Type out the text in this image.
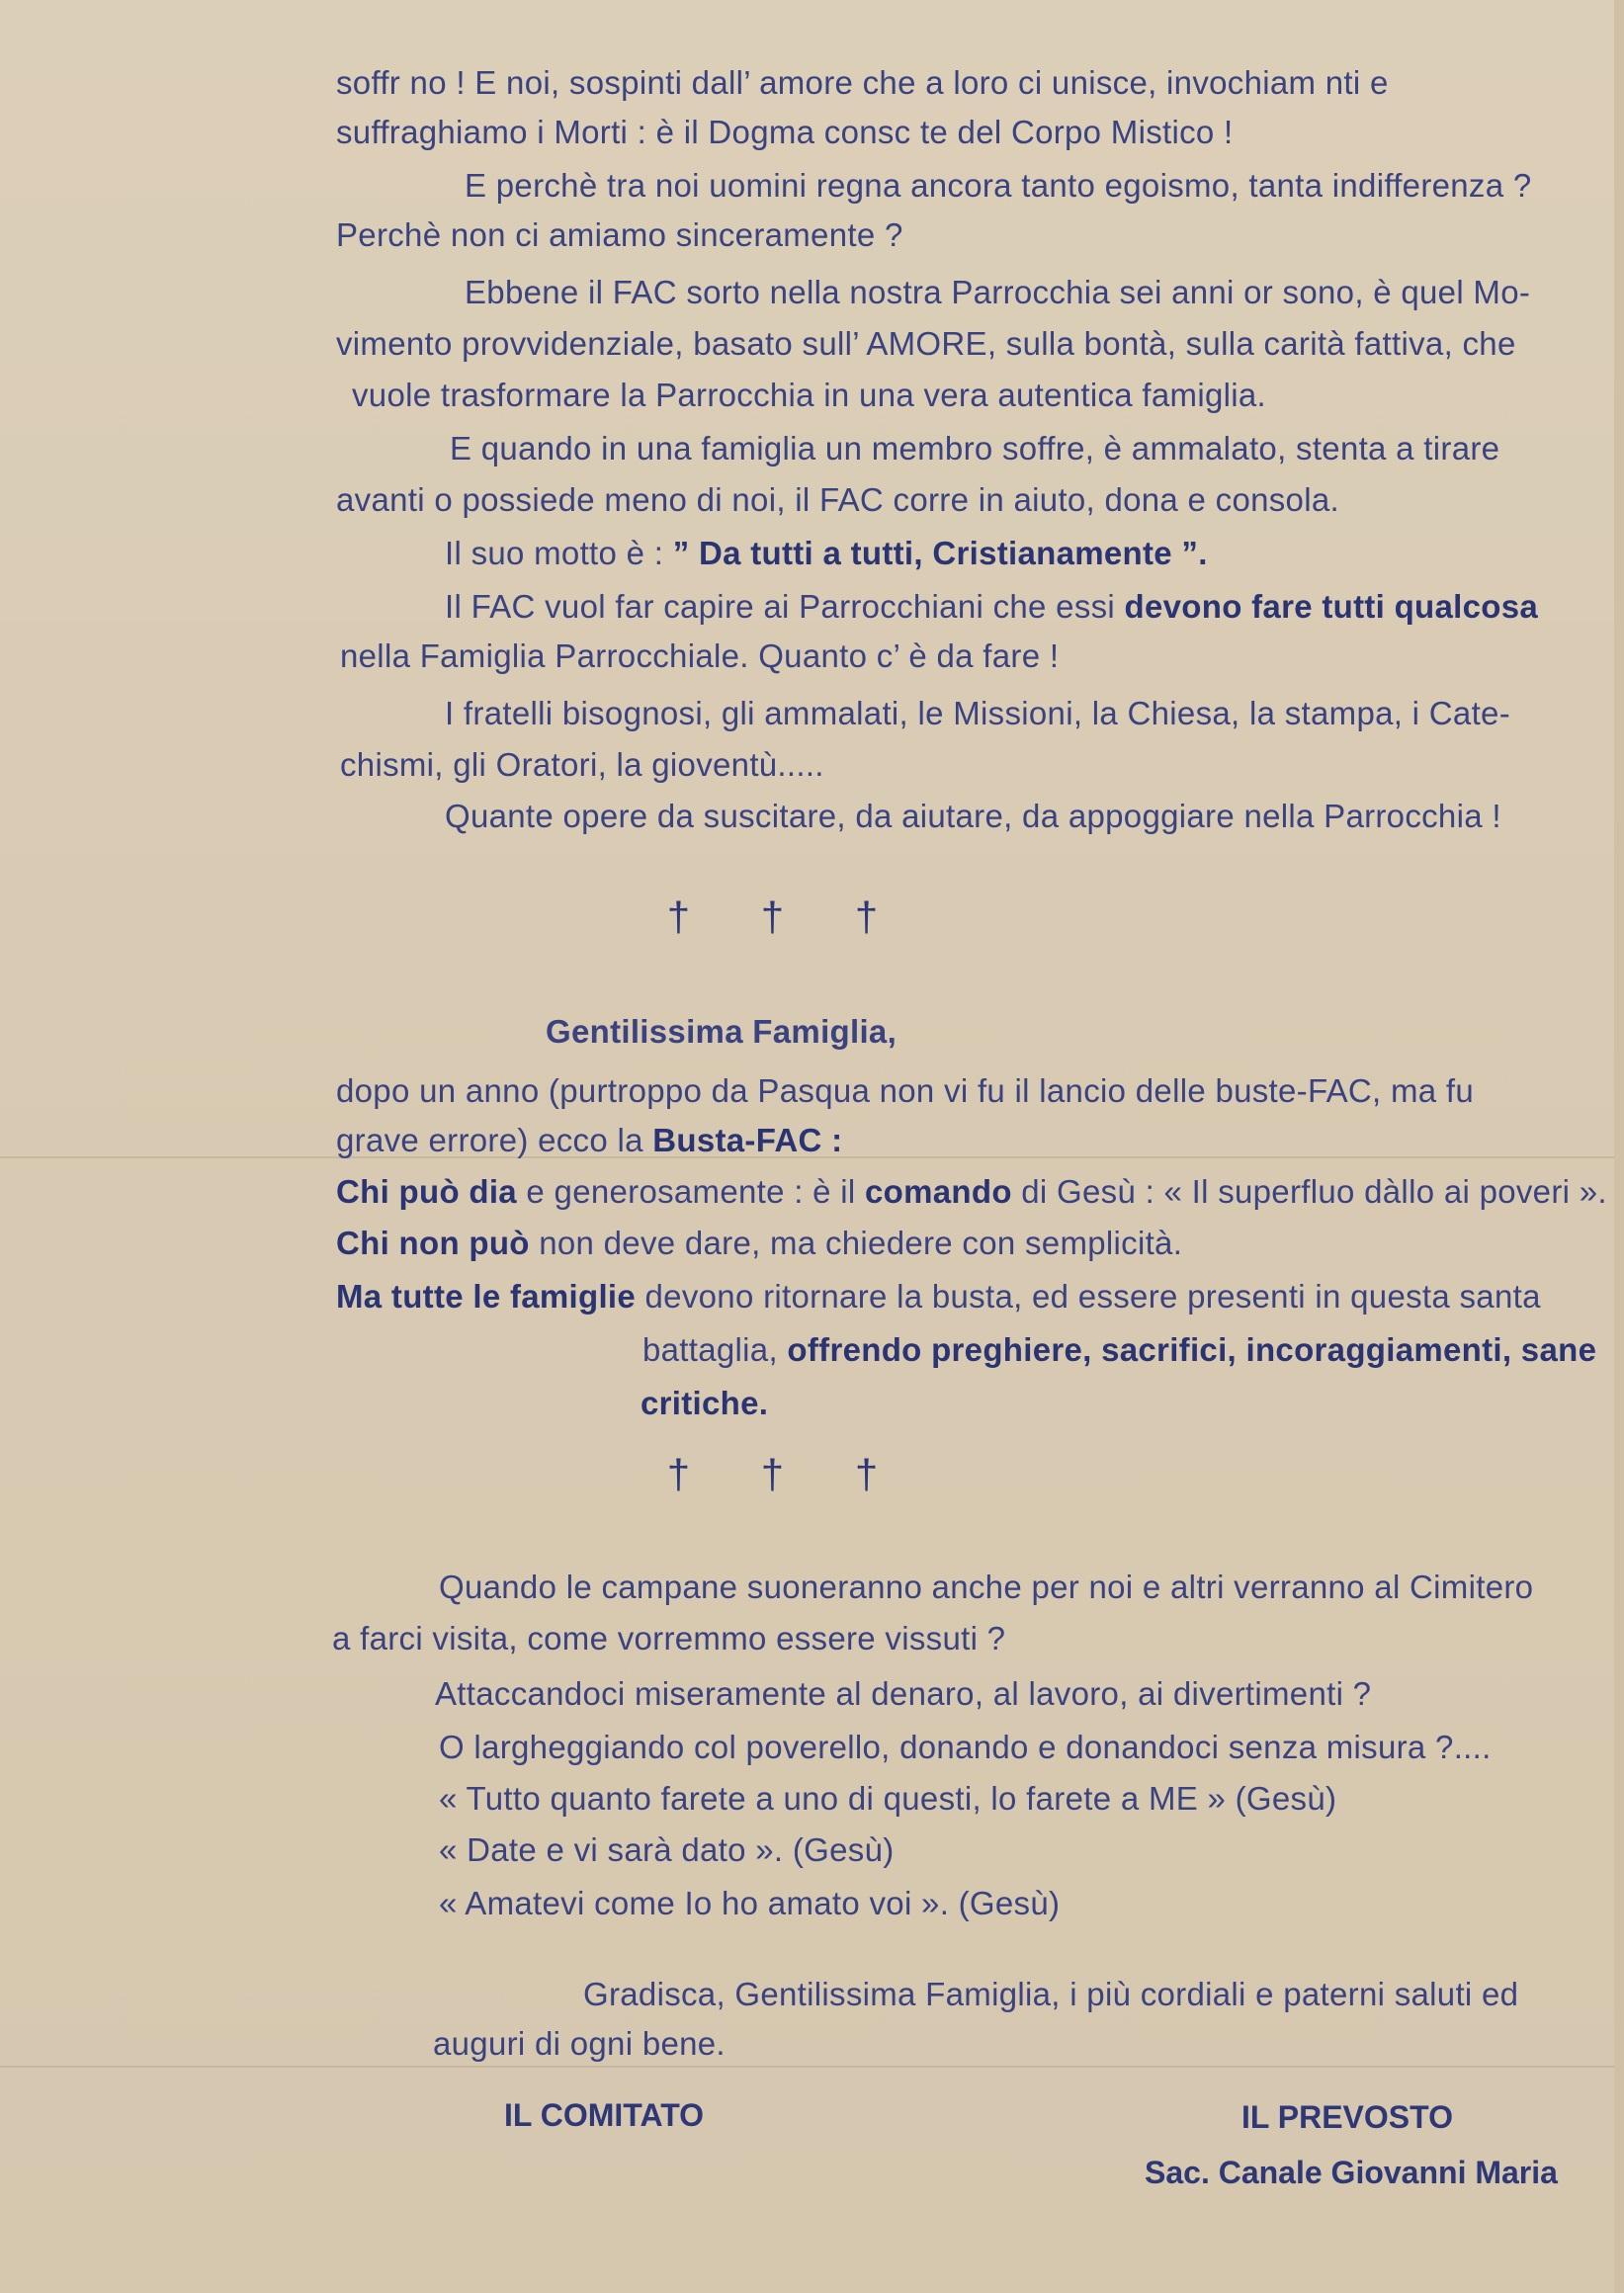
soffr no ! E noi, sospinti dall’ amore che a loro ci unisce, invochiam nti e
suffraghiamo i Morti : è il Dogma consc te del Corpo Mistico !
E perchè tra noi uomini regna ancora tanto egoismo, tanta indifferenza ?
Perchè non ci amiamo sinceramente ?
Ebbene il FAC sorto nella nostra Parrocchia sei anni or sono, è quel Mo-
vimento provvidenziale, basato sull’ AMORE, sulla bontà, sulla carità fattiva, che
vuole trasformare la Parrocchia in una vera autentica famiglia.
E quando in una famiglia un membro soffre, è ammalato, stenta a tirare
avanti o possiede meno di noi, il FAC corre in aiuto, dona e consola.
Il suo motto è : ” Da tutti a tutti, Cristianamente ”.
Il FAC vuol far capire ai Parrocchiani che essi devono fare tutti qualcosa
nella Famiglia Parrocchiale. Quanto c’ è da fare !
I fratelli bisognosi, gli ammalati, le Missioni, la Chiesa, la stampa, i Cate-
chismi, gli Oratori, la gioventù.....
Quante opere da suscitare, da aiutare, da appoggiare nella Parrocchia !
† † †
Gentilissima Famiglia,
dopo un anno (purtroppo da Pasqua non vi fu il lancio delle buste-FAC, ma fu
grave errore) ecco la Busta-FAC :
Chi può dia e generosamente : è il comando di Gesù : « Il superfluo dàllo ai poveri ».
Chi non può non deve dare, ma chiedere con semplicità.
Ma tutte le famiglie devono ritornare la busta, ed essere presenti in questa santa
battaglia, offrendo preghiere, sacrifici, incoraggiamenti, sane
critiche.
† † †
Quando le campane suoneranno anche per noi e altri verranno al Cimitero
a farci visita, come vorremmo essere vissuti ?
Attaccandoci miseramente al denaro, al lavoro, ai divertimenti ?
O largheggiando col poverello, donando e donandoci senza misura ?....
« Tutto quanto farete a uno di questi, lo farete a ME » (Gesù)
« Date e vi sarà dato ». (Gesù)
« Amatevi come Io ho amato voi ». (Gesù)
Gradisca, Gentilissima Famiglia, i più cordiali e paterni saluti ed
auguri di ogni bene.
IL COMITATO	IL PREVOSTO
Sac. Canale Giovanni Maria
